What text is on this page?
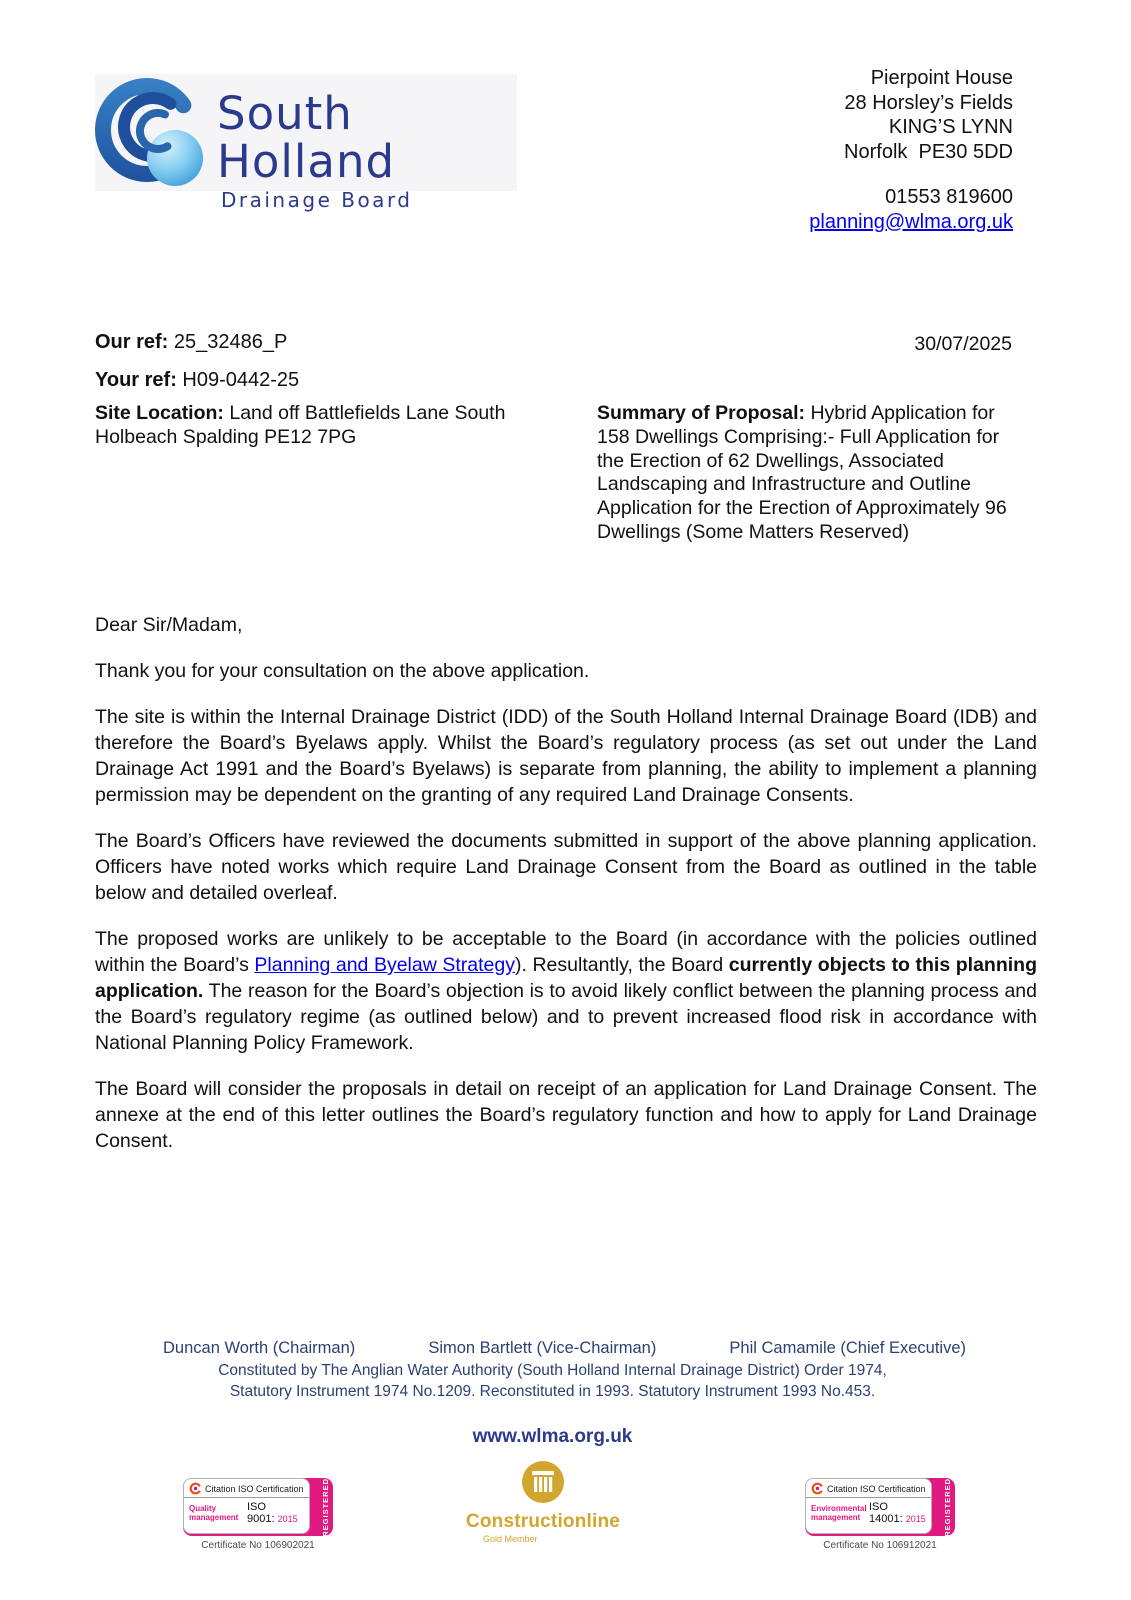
South Holland
Drainage Board
Pierpoint House
28 Horsley’s Fields
KING’S LYNN
Norfolk  PE30 5DD
01553 819600
planning@wlma.org.uk
Our ref: 25_32486_P	30/07/2025
Your ref: H09-0442-25
Site Location: Land off Battlefields Lane South Holbeach Spalding PE12 7PG
Summary of Proposal: Hybrid Application for 158 Dwellings Comprising:- Full Application for the Erection of 62 Dwellings, Associated Landscaping and Infrastructure and Outline Application for the Erection of Approximately 96 Dwellings (Some Matters Reserved)

Dear Sir/Madam,

Thank you for your consultation on the above application.

The site is within the Internal Drainage District (IDD) of the South Holland Internal Drainage Board (IDB) and therefore the Board’s Byelaws apply. Whilst the Board’s regulatory process (as set out under the Land Drainage Act 1991 and the Board’s Byelaws) is separate from planning, the ability to implement a planning permission may be dependent on the granting of any required Land Drainage Consents.

The Board’s Officers have reviewed the documents submitted in support of the above planning application. Officers have noted works which require Land Drainage Consent from the Board as outlined in the table below and detailed overleaf.

The proposed works are unlikely to be acceptable to the Board (in accordance with the policies outlined within the Board’s Planning and Byelaw Strategy). Resultantly, the Board currently objects to this planning application. The reason for the Board’s objection is to avoid likely conflict between the planning process and the Board’s regulatory regime (as outlined below) and to prevent increased flood risk in accordance with National Planning Policy Framework.

The Board will consider the proposals in detail on receipt of an application for Land Drainage Consent. The annexe at the end of this letter outlines the Board’s regulatory function and how to apply for Land Drainage Consent.

Duncan Worth (Chairman)	Simon Bartlett (Vice-Chairman)	Phil Camamile (Chief Executive)
Constituted by The Anglian Water Authority (South Holland Internal Drainage District) Order 1974,
Statutory Instrument 1974 No.1209. Reconstituted in 1993. Statutory Instrument 1993 No.453.
www.wlma.org.uk
Citation ISO Certification
Quality
management
ISO
9001: 2015	REGISTERED
Certificate No 106902021
Constructionline
Gold Member
Citation ISO Certification
Environmental
management
ISO
14001: 2015 REGISTERED
Certificate No 106912021
